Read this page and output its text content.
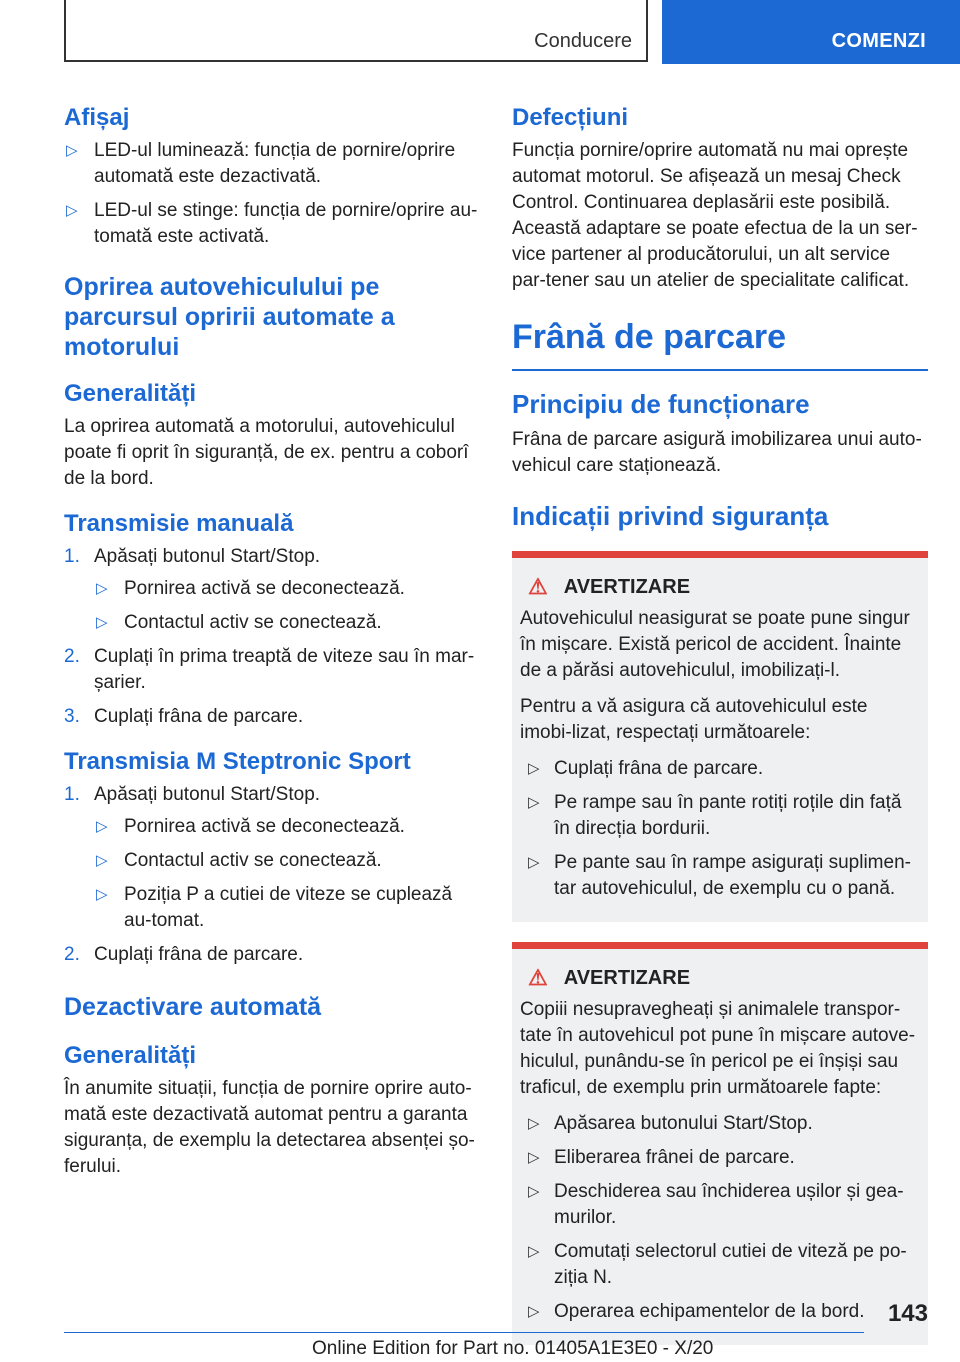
Conducere	COMENZI
Afișaj
▷ LED-ul luminează: funcția de pornire/oprire automată este dezactivată.
▷ LED-ul se stinge: funcția de pornire/oprire au-tomată este activată.
Oprirea autovehiculului pe parcursul opririi automate a motorului
Generalități

La oprirea automată a motorului, autovehiculul poate fi oprit în siguranță, de ex. pentru a coborî de la bord.

Transmisie manuală
1. Apăsați butonul Start/Stop.
▷ Pornirea activă se deconectează.
▷ Contactul activ se conectează.
2. Cuplați în prima treaptă de viteze sau în mar-șarier.
3. Cuplați frâna de parcare.
Transmisia M Steptronic Sport
1. Apăsați butonul Start/Stop.
▷ Pornirea activă se deconectează.
▷ Contactul activ se conectează.
▷ Poziția P a cutiei de viteze se cuplează au-tomat.
2. Cuplați frâna de parcare.
Dezactivare automată
Generalități

În anumite situații, funcția de pornire oprire auto-mată este dezactivată automat pentru a garanta siguranța, de exemplu la detectarea absenței șo-ferului.

Defecțiuni

Funcția pornire/oprire automată nu mai oprește automat motorul. Se afișează un mesaj Check Control. Continuarea deplasării este posibilă. Această adaptare se poate efectua de la un ser-vice partener al producătorului, un alt service par-tener sau un atelier de specialitate calificat.

Frână de parcare
Principiu de funcționare

Frâna de parcare asigură imobilizarea unui auto-vehicul care staționează.

Indicații privind siguranța
⚠ AVERTIZARE

Autovehiculul neasigurat se poate pune singur în mișcare. Există pericol de accident. Înainte de a părăsi autovehiculul, imobilizați-l.

Pentru a vă asigura că autovehiculul este imobi-lizat, respectați următoarele:

▷ Cuplați frâna de parcare.
▷ Pe rampe sau în pante rotiți roțile din față în direcția bordurii.
▷ Pe pante sau în rampe asigurați suplimen-tar autovehiculul, de exemplu cu o pană.
⚠ AVERTIZARE

Copiii nesupravegheați și animalele transpor-tate în autovehicul pot pune în mișcare autove-hiculul, punându-se în pericol pe ei înșiși sau traficul, de exemplu prin următoarele fapte:

▷ Apăsarea butonului Start/Stop.
▷ Eliberarea frânei de parcare.
▷ Deschiderea sau închiderea ușilor și gea-murilor.
▷ Comutați selectorul cutiei de viteză pe po-ziția N.
▷ Operarea echipamentelor de la bord. 143
Online Edition for Part no. 01405A1E3E0 - X/20
